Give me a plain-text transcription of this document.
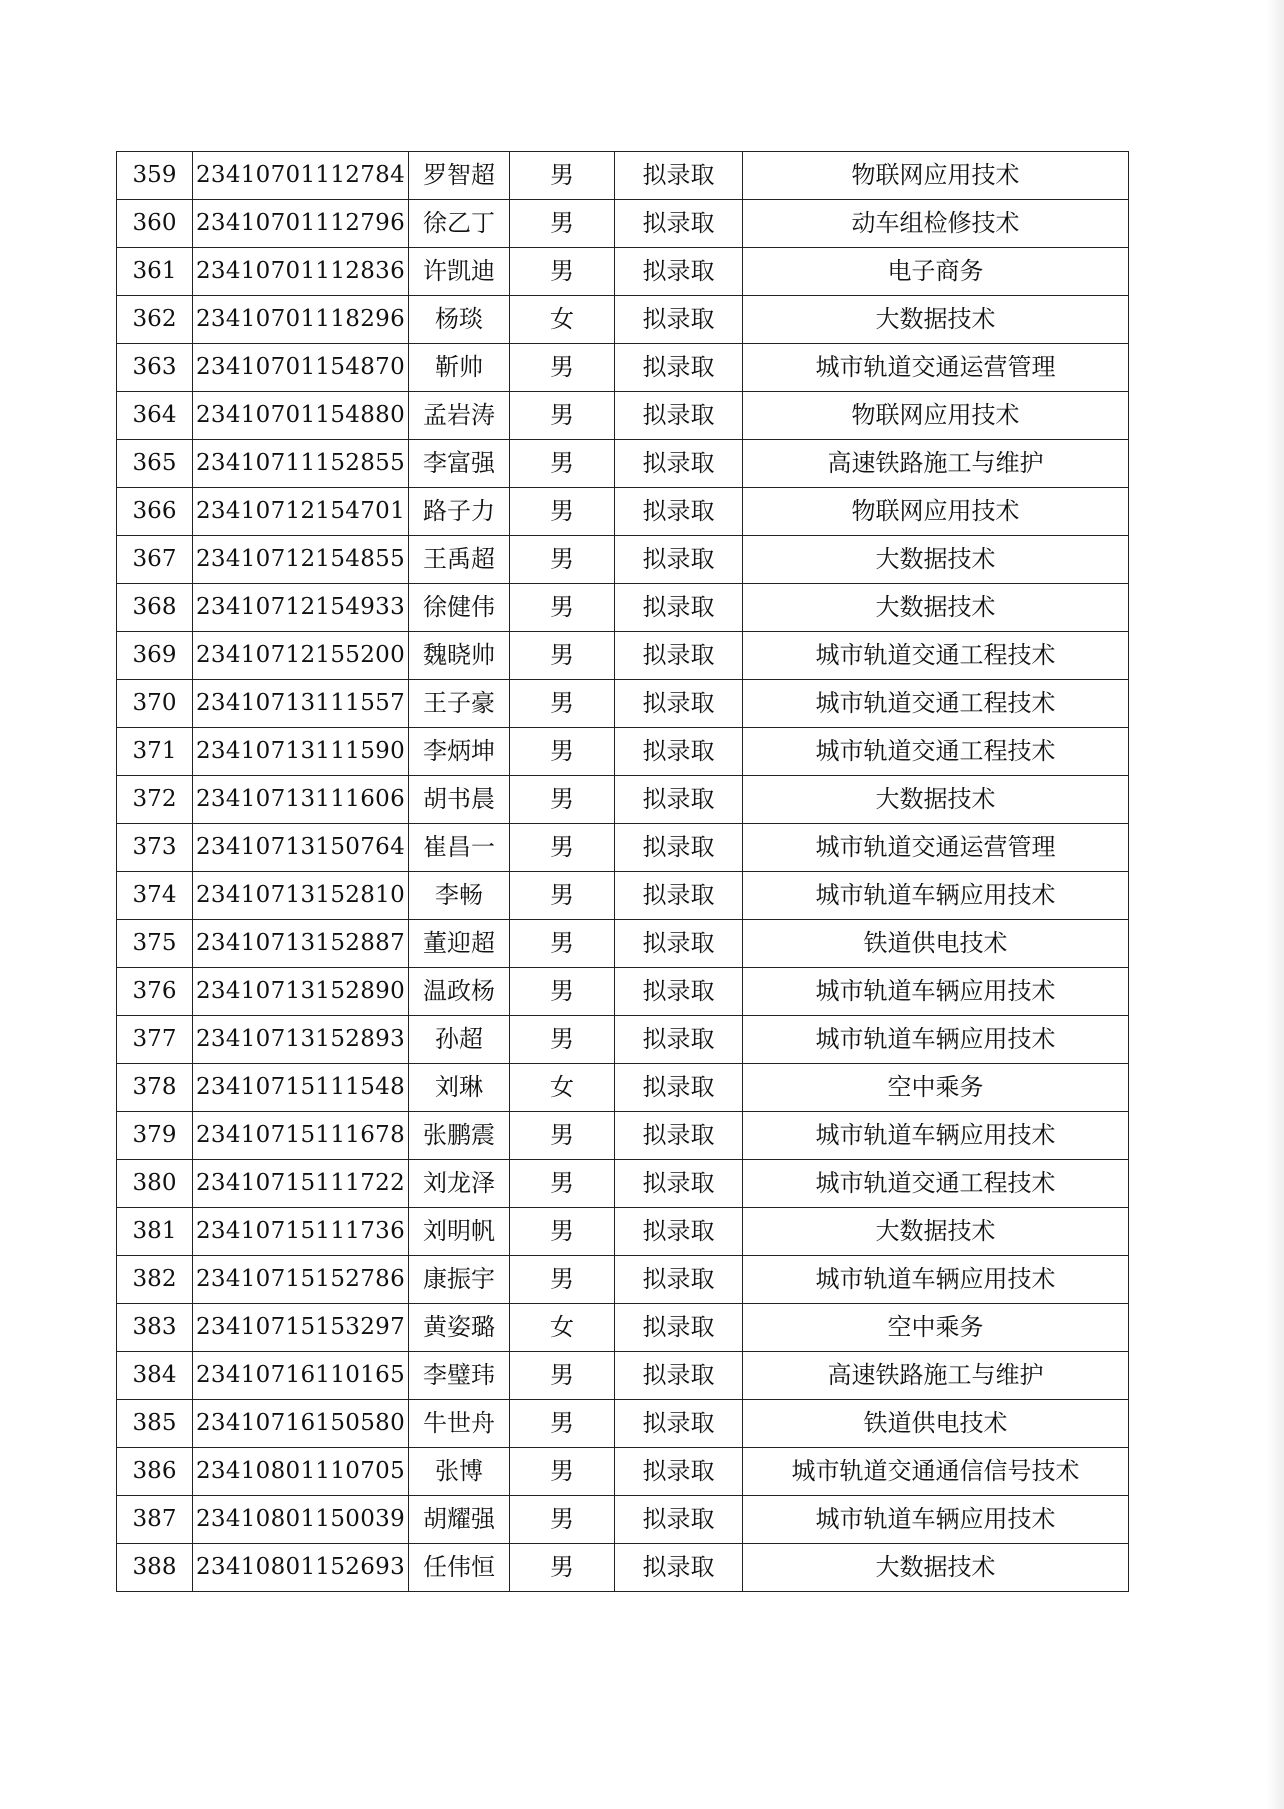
359	23410701112784	罗智超	男	拟录取	物联网应用技术
360	23410701112796	徐乙丁	男	拟录取	动车组检修技术
361	23410701112836	许凯迪	男	拟录取	电子商务
362	23410701118296	杨琰	女	拟录取	大数据技术
363	23410701154870	靳帅	男	拟录取	城市轨道交通运营管理
364	23410701154880	孟岩涛	男	拟录取	物联网应用技术
365	23410711152855	李富强	男	拟录取	高速铁路施工与维护
366	23410712154701	路子力	男	拟录取	物联网应用技术
367	23410712154855	王禹超	男	拟录取	大数据技术
368	23410712154933	徐健伟	男	拟录取	大数据技术
369	23410712155200	魏晓帅	男	拟录取	城市轨道交通工程技术
370	23410713111557	王子豪	男	拟录取	城市轨道交通工程技术
371	23410713111590	李炳坤	男	拟录取	城市轨道交通工程技术
372	23410713111606	胡书晨	男	拟录取	大数据技术
373	23410713150764	崔昌一	男	拟录取	城市轨道交通运营管理
374	23410713152810	李畅	男	拟录取	城市轨道车辆应用技术
375	23410713152887	董迎超	男	拟录取	铁道供电技术
376	23410713152890	温政杨	男	拟录取	城市轨道车辆应用技术
377	23410713152893	孙超	男	拟录取	城市轨道车辆应用技术
378	23410715111548	刘琳	女	拟录取	空中乘务
379	23410715111678	张鹏震	男	拟录取	城市轨道车辆应用技术
380	23410715111722	刘龙泽	男	拟录取	城市轨道交通工程技术
381	23410715111736	刘明帆	男	拟录取	大数据技术
382	23410715152786	康振宇	男	拟录取	城市轨道车辆应用技术
383	23410715153297	黄姿璐	女	拟录取	空中乘务
384	23410716110165	李璧玮	男	拟录取	高速铁路施工与维护
385	23410716150580	牛世舟	男	拟录取	铁道供电技术
386	23410801110705	张博	男	拟录取	城市轨道交通通信信号技术
387	23410801150039	胡耀强	男	拟录取	城市轨道车辆应用技术
388	23410801152693	任伟恒	男	拟录取	大数据技术
